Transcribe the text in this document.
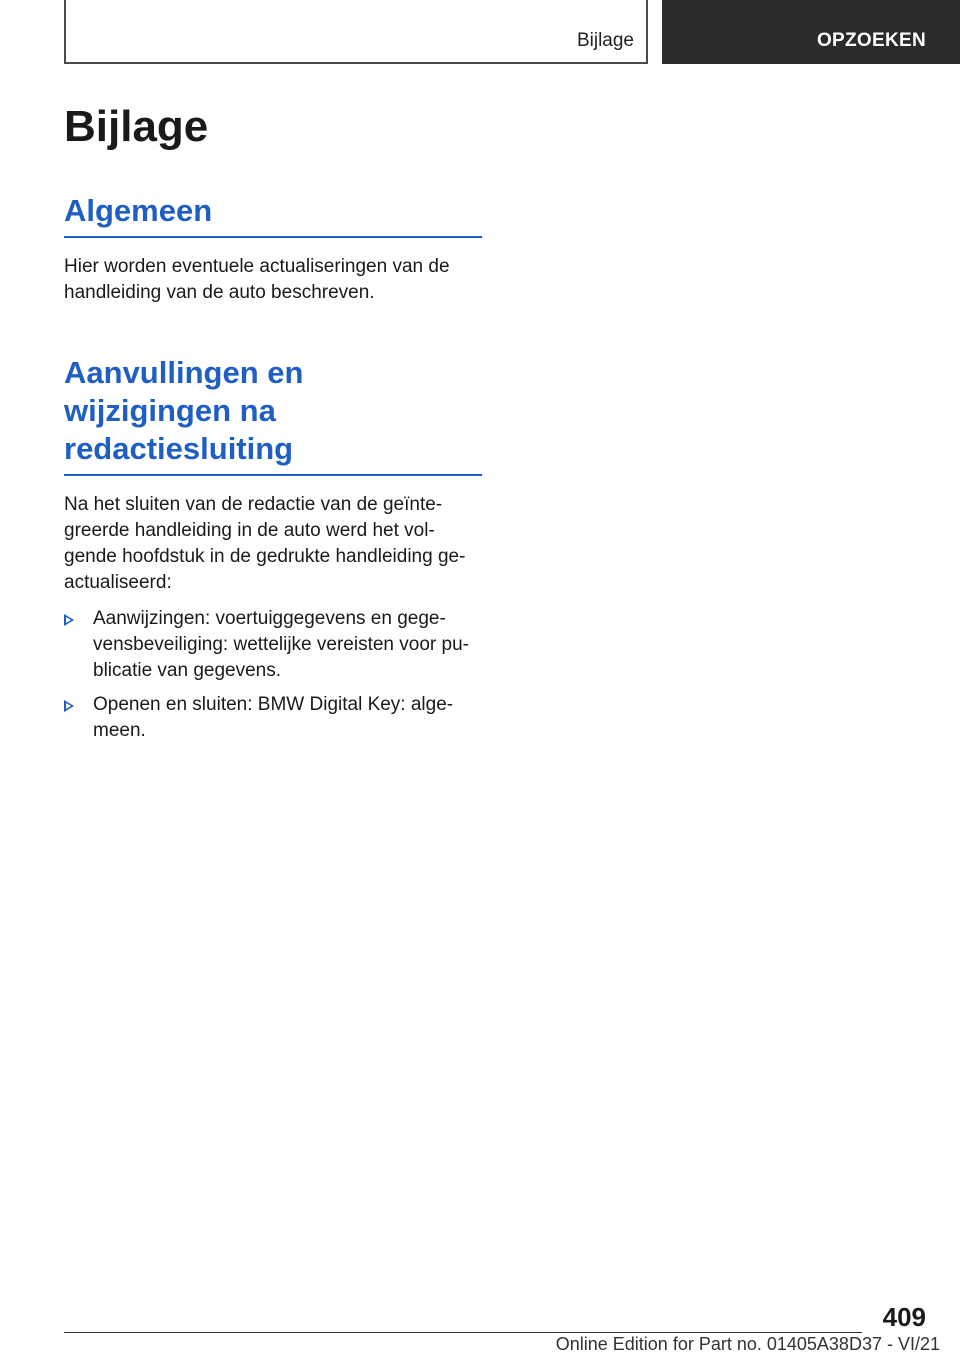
Bijlage	OPZOEKEN
Bijlage
Algemeen

Hier worden eventuele actualiseringen van de handleiding van de auto beschreven.

Aanvullingen en
wijzigingen na
redactiesluiting

Na het sluiten van de redactie van de geïnte-greerde handleiding in de auto werd het vol-gende hoofdstuk in de gedrukte handleiding ge-actualiseerd:

Aanwijzingen: voertuiggegevens en gege-vensbeveiliging: wettelijke vereisten voor pu-blicatie van gegevens.
Openen en sluiten: BMW Digital Key: alge-meen.
409
Online Edition for Part no. 01405A38D37 - VI/21
